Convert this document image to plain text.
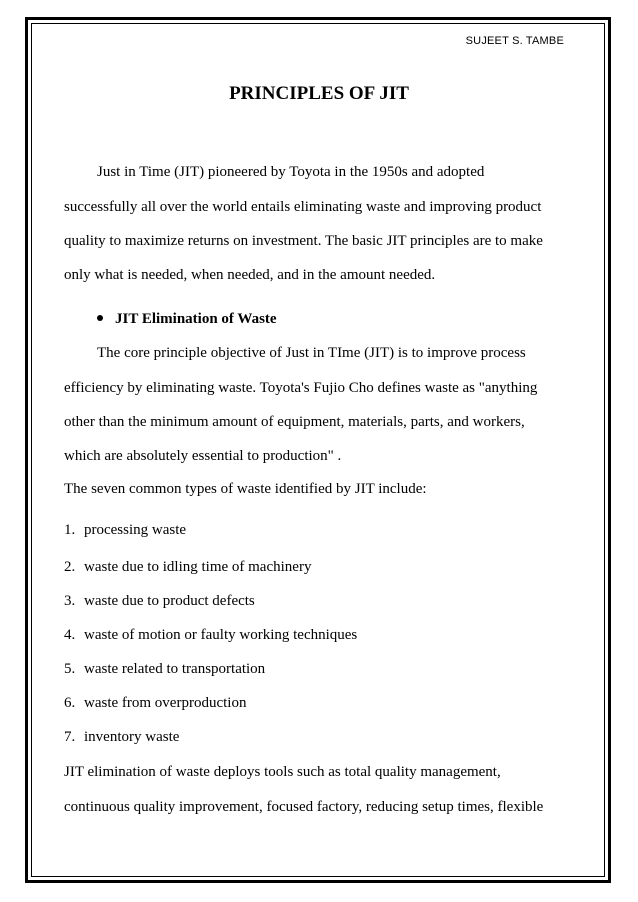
SUJEET S. TAMBE
PRINCIPLES OF JIT
Just in Time (JIT) pioneered by Toyota in the 1950s and adopted
successfully all over the world entails eliminating waste and improving product
quality to maximize returns on investment. The basic JIT principles are to make
only what is needed, when needed, and in the amount needed.
JIT Elimination of Waste
The core principle objective of Just in TIme (JIT) is to improve process
efficiency by eliminating waste. Toyota's Fujio Cho defines waste as "anything
other than the minimum amount of equipment, materials, parts, and workers,
which are absolutely essential to production" .
The seven common types of waste identified by JIT include:
1. processing waste
2. waste due to idling time of machinery
3. waste due to product defects
4. waste of motion or faulty working techniques
5. waste related to transportation
6. waste from overproduction
7. inventory waste
JIT elimination of waste deploys tools such as total quality management,
continuous quality improvement, focused factory, reducing setup times, flexible
